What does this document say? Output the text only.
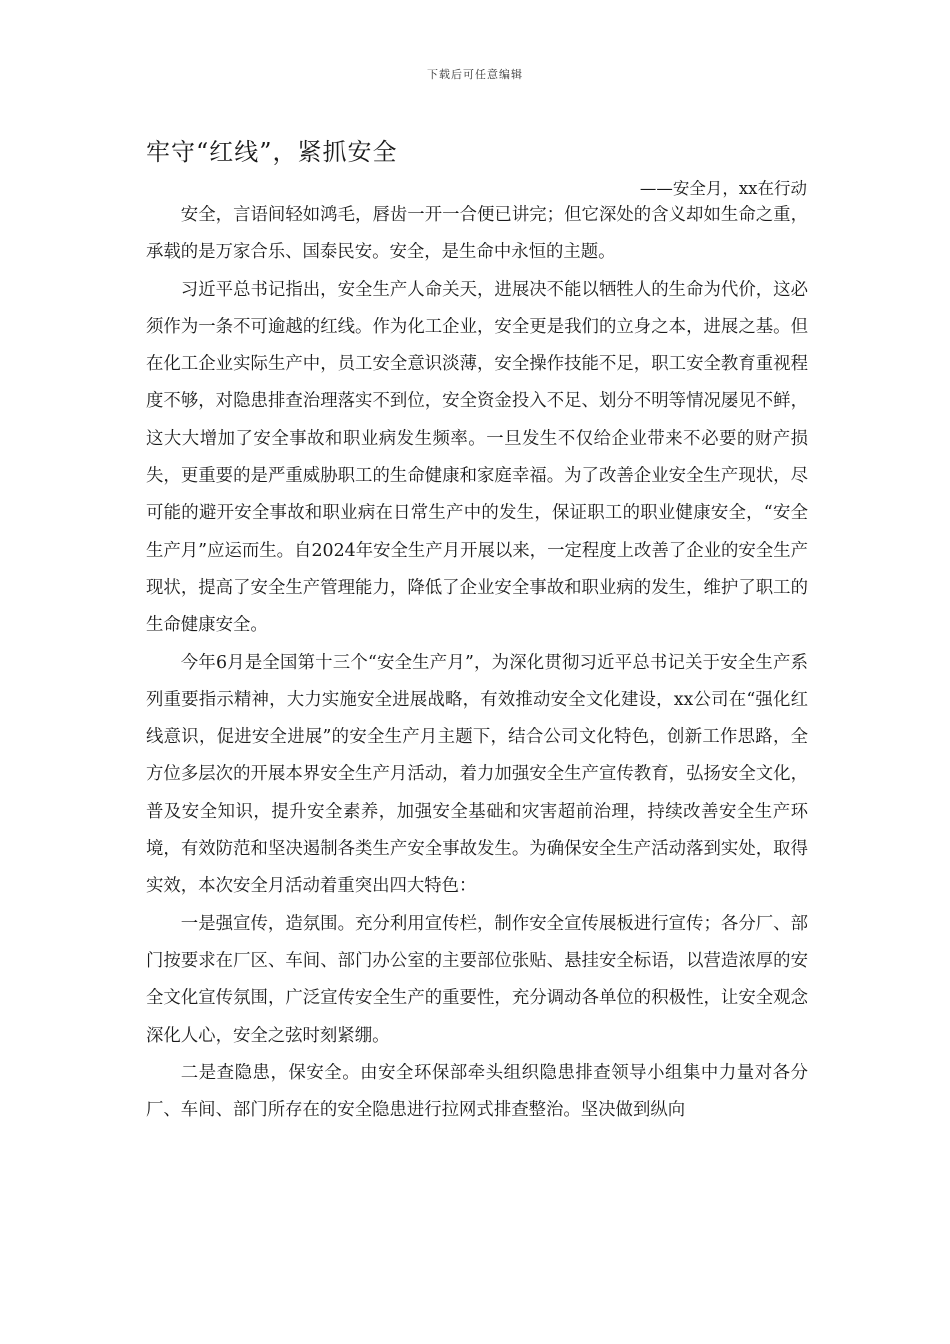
下载后可任意编辑
牢守“红线”，紧抓安全
——安全月，xx在行动

安全，言语间轻如鸿毛，唇齿一开一合便已讲完；但它深处的含义却如生命之重，承载的是万家合乐、国泰民安。安全，是生命中永恒的主题。

习近平总书记指出，安全生产人命关天，进展决不能以牺牲人的生命为代价，这必须作为一条不可逾越的红线。作为化工企业，安全更是我们的立身之本，进展之基。但在化工企业实际生产中，员工安全意识淡薄，安全操作技能不足，职工安全教育重视程度不够，对隐患排查治理落实不到位，安全资金投入不足、划分不明等情况屡见不鲜，这大大增加了安全事故和职业病发生频率。一旦发生不仅给企业带来不必要的财产损失，更重要的是严重威胁职工的生命健康和家庭幸福。为了改善企业安全生产现状，尽可能的避开安全事故和职业病在日常生产中的发生，保证职工的职业健康安全，“安全生产月”应运而生。自2024年安全生产月开展以来，一定程度上改善了企业的安全生产现状，提高了安全生产管理能力，降低了企业安全事故和职业病的发生，维护了职工的生命健康安全。

今年6月是全国第十三个“安全生产月”，为深化贯彻习近平总书记关于安全生产系列重要指示精神，大力实施安全进展战略，有效推动安全文化建设，xx公司在“强化红线意识，促进安全进展”的安全生产月主题下，结合公司文化特色，创新工作思路，全方位多层次的开展本界安全生产月活动，着力加强安全生产宣传教育，弘扬安全文化，普及安全知识，提升安全素养，加强安全基础和灾害超前治理，持续改善安全生产环境，有效防范和坚决遏制各类生产安全事故发生。为确保安全生产活动落到实处，取得实效，本次安全月活动着重突出四大特色：

一是强宣传，造氛围。充分利用宣传栏，制作安全宣传展板进行宣传；各分厂、部门按要求在厂区、车间、部门办公室的主要部位张贴、悬挂安全标语，以营造浓厚的安全文化宣传氛围，广泛宣传安全生产的重要性，充分调动各单位的积极性，让安全观念深化人心，安全之弦时刻紧绷。

二是查隐患，保安全。由安全环保部牵头组织隐患排查领导小组集中力量对各分厂、车间、部门所存在的安全隐患进行拉网式排查整治。坚决做到纵向
